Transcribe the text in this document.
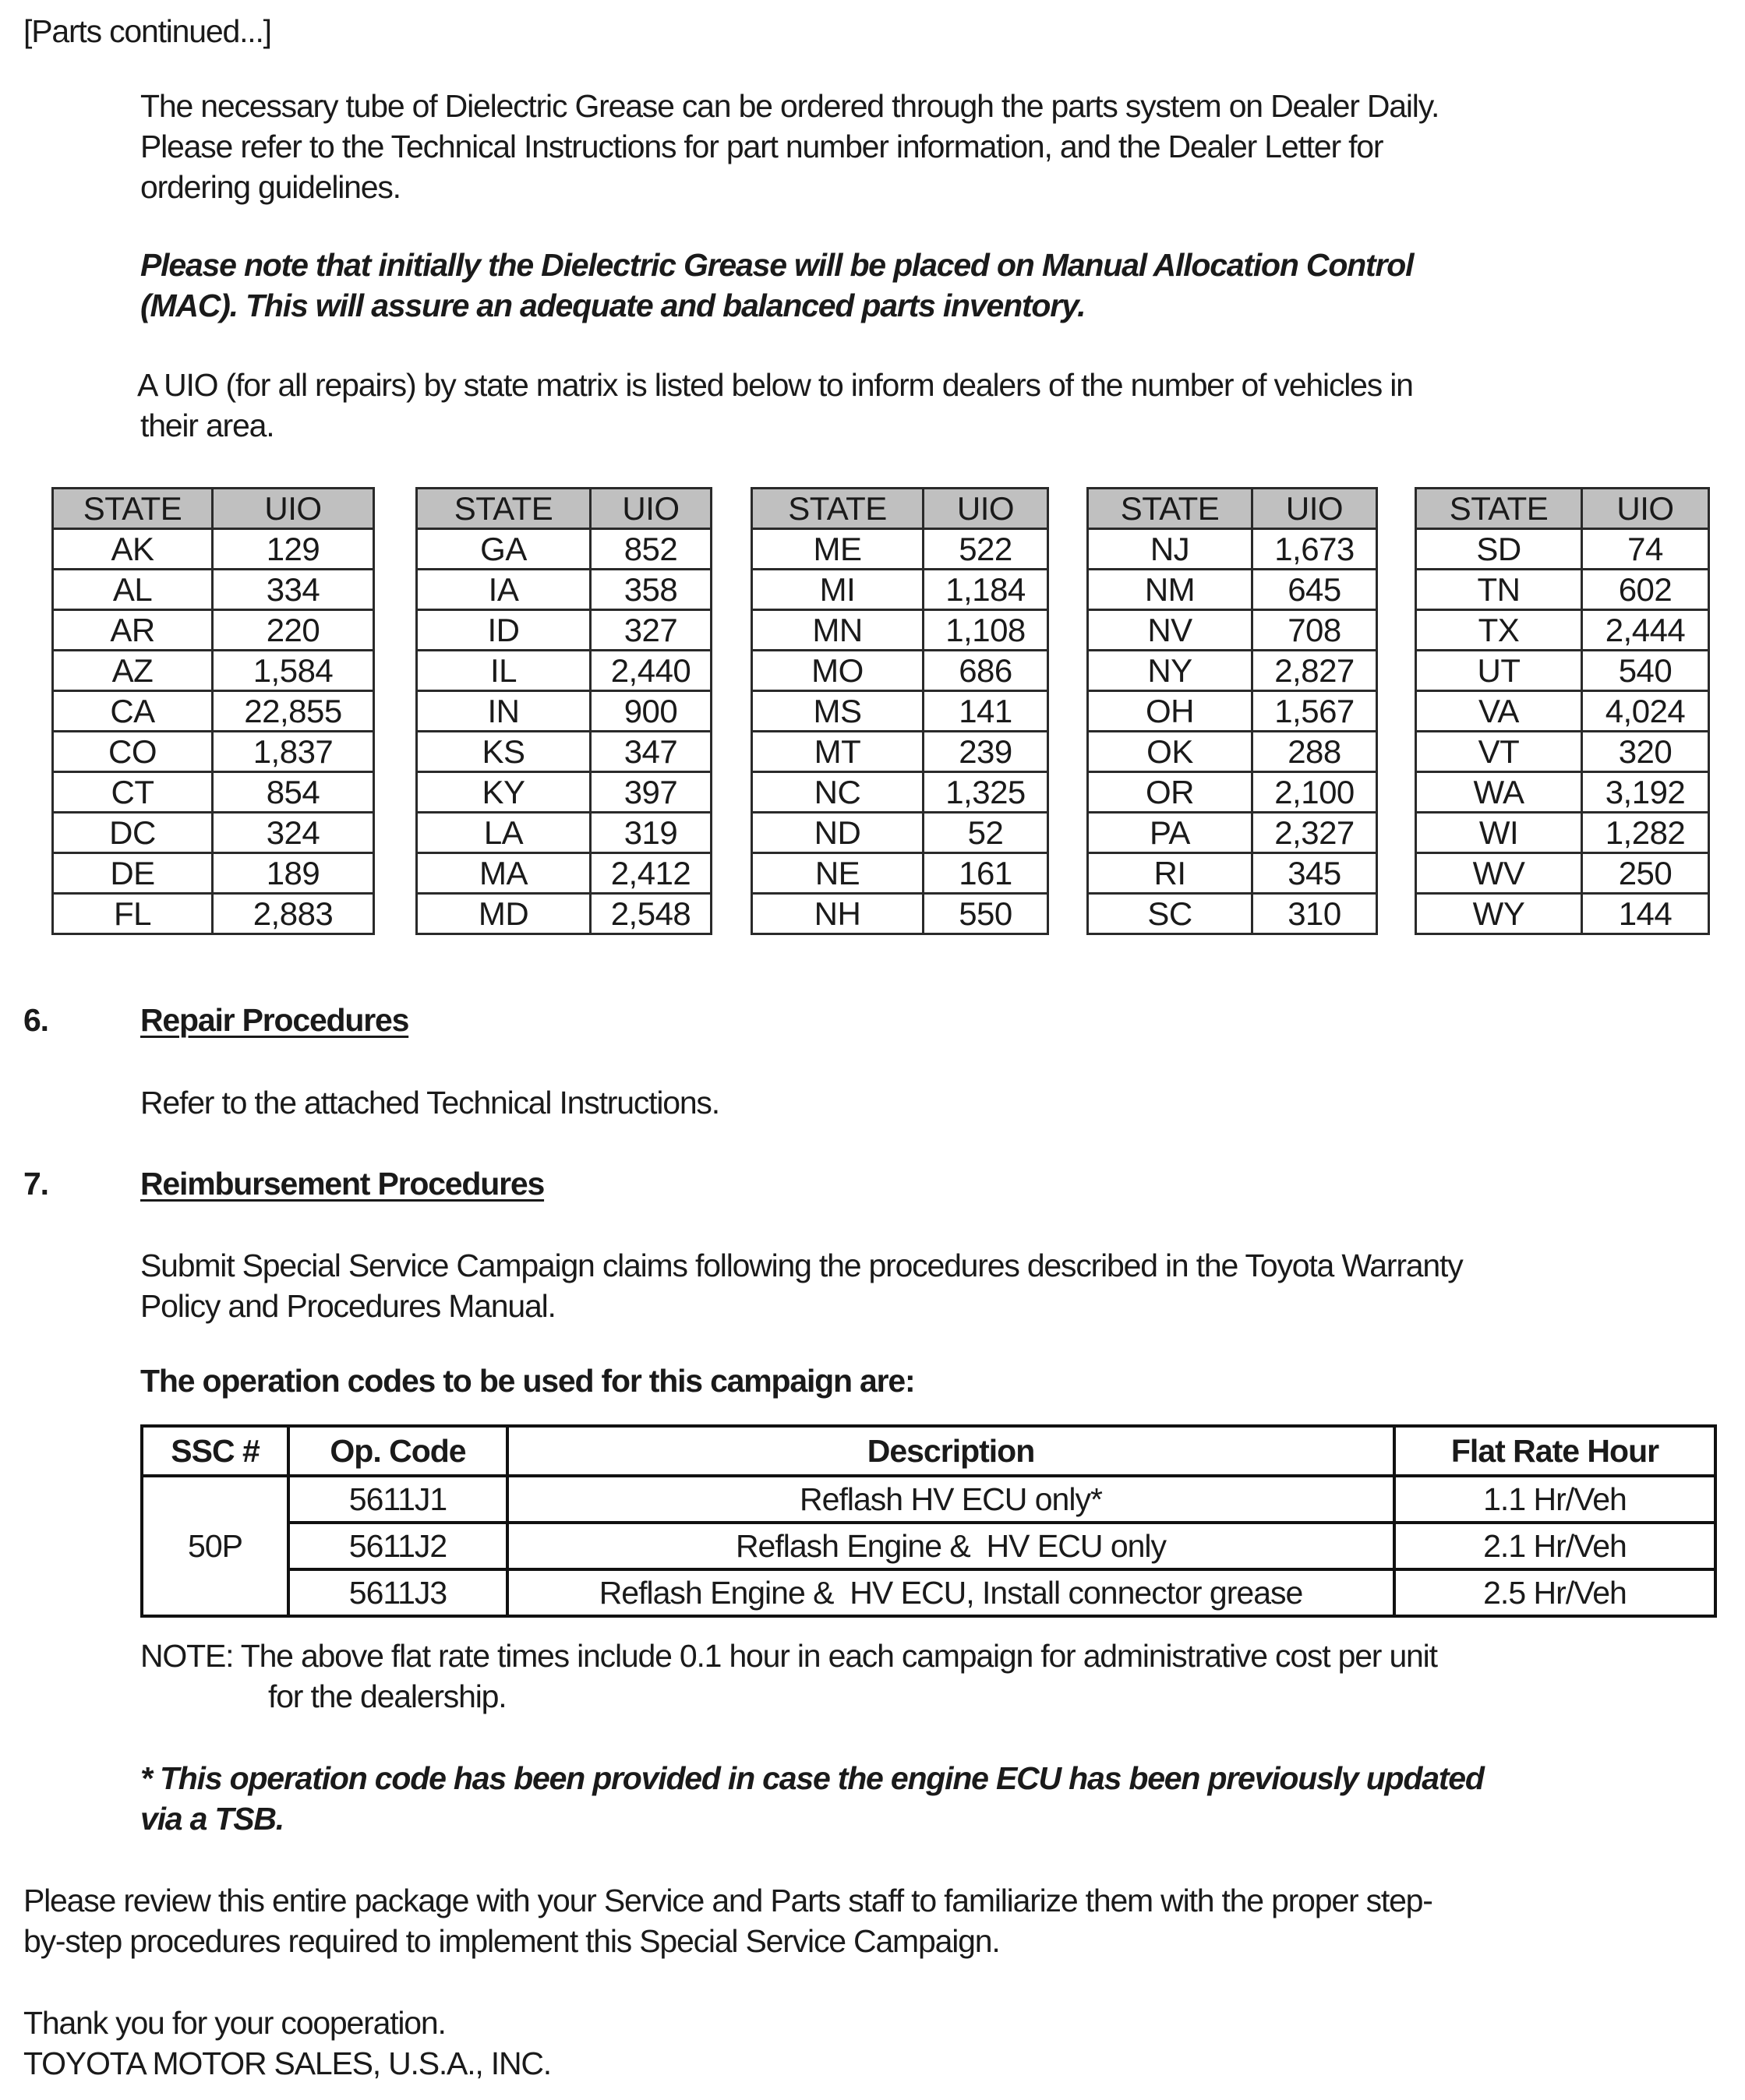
[Parts continued...]
The necessary tube of Dielectric Grease can be ordered through the parts system on Dealer Daily.
Please refer to the Technical Instructions for part number information, and the Dealer Letter for
ordering guidelines.
Please note that initially the Dielectric Grease will be placed on Manual Allocation Control
(MAC). This will assure an adequate and balanced parts inventory.
A UIO (for all repairs) by state matrix is listed below to inform dealers of the number of vehicles in
their area.
STATE	UIO
AK	129
AL	334
AR	220
AZ	1,584
CA	22,855
CO	1,837
CT	854
DC	324
DE	189
FL	2,883
STATE	UIO
GA	852
IA	358
ID	327
IL	2,440
IN	900
KS	347
KY	397
LA	319
MA	2,412
MD	2,548
STATE	UIO
ME	522
MI	1,184
MN	1,108
MO	686
MS	141
MT	239
NC	1,325
ND	52
NE	161
NH	550
STATE	UIO
NJ	1,673
NM	645
NV	708
NY	2,827
OH	1,567
OK	288
OR	2,100
PA	2,327
RI	345
SC	310
STATE	UIO
SD	74
TN	602
TX	2,444
UT	540
VA	4,024
VT	320
WA	3,192
WI	1,282
WV	250
WY	144
6.	Repair Procedures
Refer to the attached Technical Instructions.
7.	Reimbursement Procedures
Submit Special Service Campaign claims following the procedures described in the Toyota Warranty
Policy and Procedures Manual.
The operation codes to be used for this campaign are:
SSC #	Op. Code	Description	Flat Rate Hour
50P	5611J1	Reflash HV ECU only*	1.1 Hr/Veh
	5611J2	Reflash Engine &  HV ECU only	2.1 Hr/Veh
	5611J3	Reflash Engine &  HV ECU, Install connector grease	2.5 Hr/Veh
NOTE: The above flat rate times include 0.1 hour in each campaign for administrative cost per unit
for the dealership.
* This operation code has been provided in case the engine ECU has been previously updated
via a TSB.
Please review this entire package with your Service and Parts staff to familiarize them with the proper step-
by-step procedures required to implement this Special Service Campaign.
Thank you for your cooperation.
TOYOTA MOTOR SALES, U.S.A., INC.
